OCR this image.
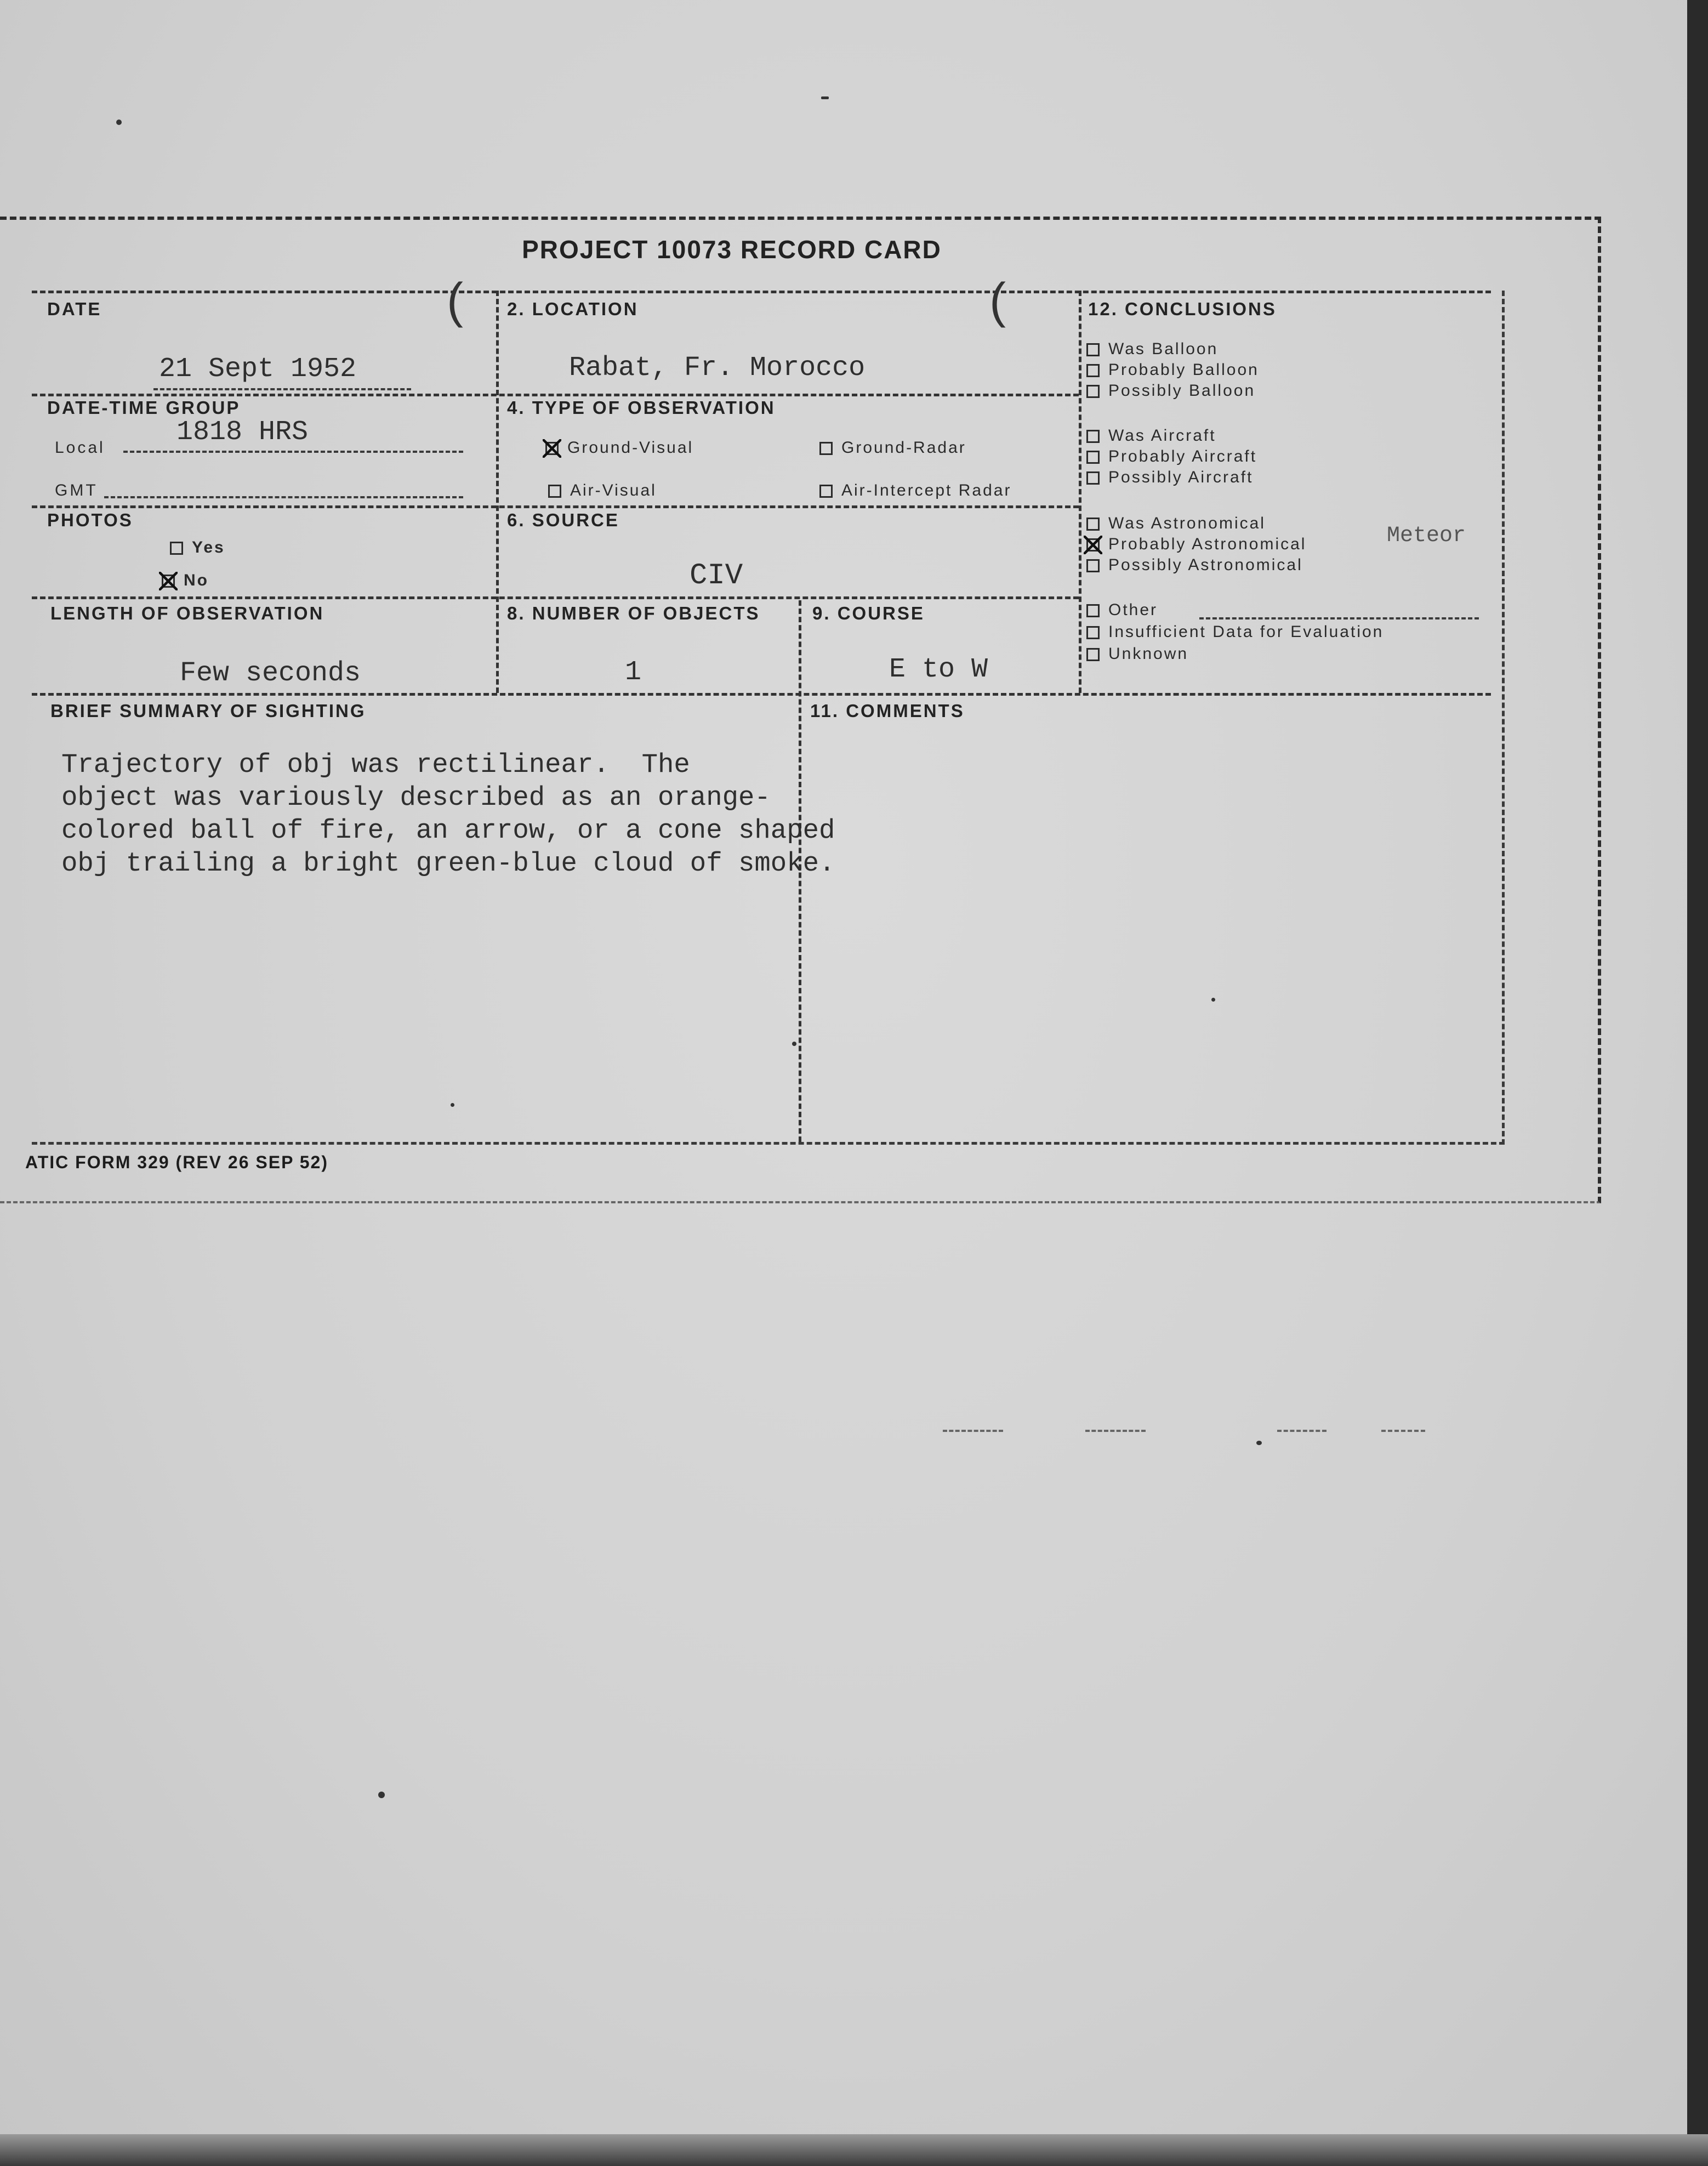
PROJECT 10073 RECORD CARD
DATE	(
21 Sept 1952
2. LOCATION	(
Rabat, Fr. Morocco
DATE-TIME GROUP
Local	1818 HRS
GMT
4. TYPE OF OBSERVATION
Ground-Visual	Ground-Radar
Air-Visual	Air-Intercept Radar
PHOTOS
Yes
No
6. SOURCE
CIV
LENGTH OF OBSERVATION
Few seconds
8. NUMBER OF OBJECTS
1
9. COURSE
E to W
12. CONCLUSIONS
Was Balloon
Probably Balloon
Possibly Balloon
Was Aircraft
Probably Aircraft
Possibly Aircraft
Was Astronomical
Probably Astronomical
Possibly Astronomical
Other
Insufficient Data for Evaluation
Unknown
Meteor
BRIEF SUMMARY OF SIGHTING
Trajectory of obj was rectilinear.  The
object was variously described as an orange-
colored ball of fire, an arrow, or a cone shaped
obj trailing a bright green-blue cloud of smoke.
11. COMMENTS
ATIC FORM 329 (REV 26 SEP 52)
